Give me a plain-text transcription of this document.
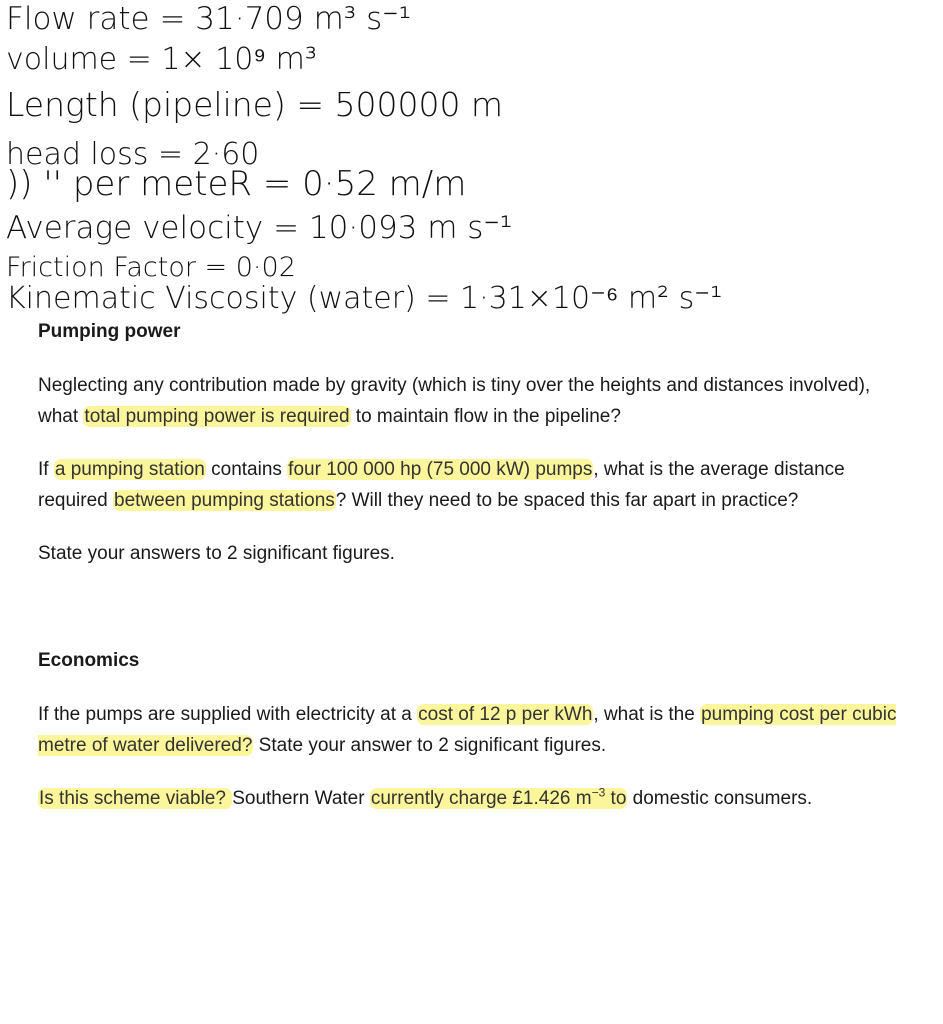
Flow rate = 31·709 m³ s⁻¹
volume = 1× 10⁹ m³
Length (pipeline) = 500000 m
head loss = 2·60
)) '' per meteR = 0·52 m/m
Average velocity = 10·093 m s⁻¹
Friction Factor = 0·02
Kinematic Viscosity (water) = 1·31×10⁻⁶ m² s⁻¹
Pumping power

Neglecting any contribution made by gravity (which is tiny over the heights and distances involved), what total pumping power is required to maintain flow in the pipeline?

If a pumping station contains four 100 000 hp (75 000 kW) pumps, what is the average distance required between pumping stations? Will they need to be spaced this far apart in practice?

State your answers to 2 significant figures.

Economics

If the pumps are supplied with electricity at a cost of 12 p per kWh, what is the pumping cost per cubic metre of water delivered? State your answer to 2 significant figures.

Is this scheme viable? Southern Water currently charge £1.426 $m^{-3}$ to domestic consumers.
